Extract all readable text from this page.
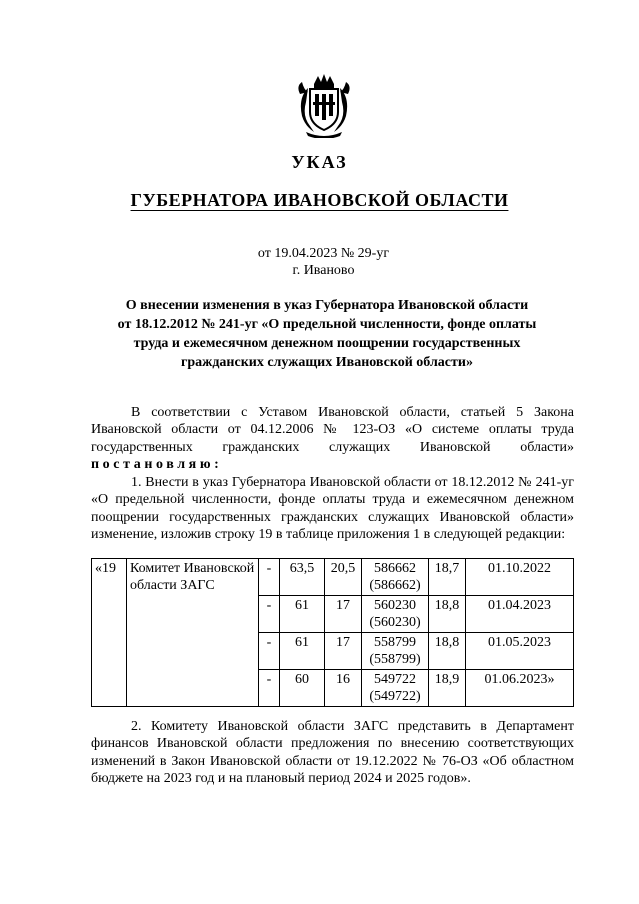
УКАЗ
ГУБЕРНАТОРА ИВАНОВСКОЙ ОБЛАСТИ
от 19.04.2023 № 29-уг
г. Иваново
О внесении изменения в указ Губернатора Ивановской области
от 18.12.2012 № 241-уг «О предельной численности, фонде оплаты
труда и ежемесячном денежном поощрении государственных
гражданских служащих Ивановской области»
В соответствии с Уставом Ивановской области, статьей 5 Закона Ивановской области от 04.12.2006 № 123-ОЗ «О системе оплаты труда государственных гражданских служащих Ивановской области» постановляю:
1. Внести в указ Губернатора Ивановской области от 18.12.2012 № 241-уг «О предельной численности, фонде оплаты труда и ежемесячном денежном поощрении государственных гражданских служащих Ивановской области» изменение, изложив строку 19 в таблице приложения 1 в следующей редакции:
«19	Комитет Ивановской области ЗАГС	-	63,5	20,5	586662
(586662)	18,7	01.10.2022
		-	61	17	560230
(560230)	18,8	01.04.2023
		-	61	17	558799
(558799)	18,8	01.05.2023
		-	60	16	549722
(549722)	18,9	01.06.2023»
2. Комитету Ивановской области ЗАГС представить в Департамент финансов Ивановской области предложения по внесению соответствующих изменений в Закон Ивановской области от 19.12.2022 № 76-ОЗ «Об областном бюджете на 2023 год и на плановый период 2024 и 2025 годов».
